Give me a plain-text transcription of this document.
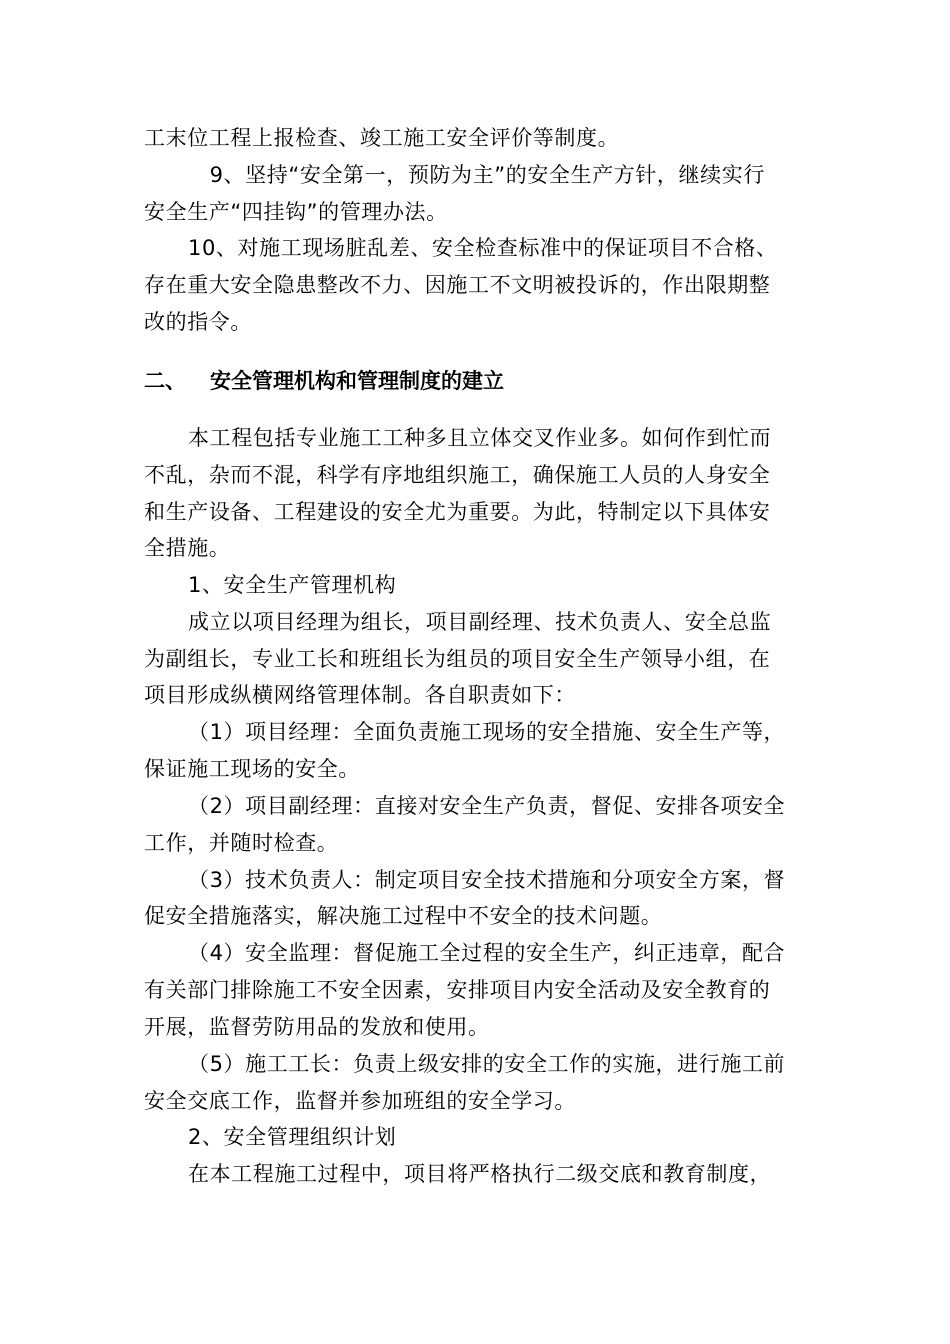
工末位工程上报检查、竣工施工安全评价等制度。
　9、坚持“安全第一，预防为主”的安全生产方针，继续实行
安全生产“四挂钩”的管理办法。
10、对施工现场脏乱差、安全检查标准中的保证项目不合格、
存在重大安全隐患整改不力、因施工不文明被投诉的，作出限期整
改的指令。
二、 安全管理机构和管理制度的建立
本工程包括专业施工工种多且立体交叉作业多。如何作到忙而
不乱，杂而不混，科学有序地组织施工，确保施工人员的人身安全
和生产设备、工程建设的安全尤为重要。为此，特制定以下具体安
全措施。
1、安全生产管理机构
成立以项目经理为组长，项目副经理、技术负责人、安全总监
为副组长，专业工长和班组长为组员的项目安全生产领导小组，在
项目形成纵横网络管理体制。各自职责如下：
（1）项目经理：全面负责施工现场的安全措施、安全生产等，
保证施工现场的安全。
（2）项目副经理：直接对安全生产负责，督促、安排各项安全
工作，并随时检查。
（3）技术负责人：制定项目安全技术措施和分项安全方案，督
促安全措施落实，解决施工过程中不安全的技术问题。
（4）安全监理：督促施工全过程的安全生产，纠正违章，配合
有关部门排除施工不安全因素，安排项目内安全活动及安全教育的
开展，监督劳防用品的发放和使用。
（5）施工工长：负责上级安排的安全工作的实施，进行施工前
安全交底工作，监督并参加班组的安全学习。
2、安全管理组织计划
在本工程施工过程中，项目将严格执行二级交底和教育制度，
